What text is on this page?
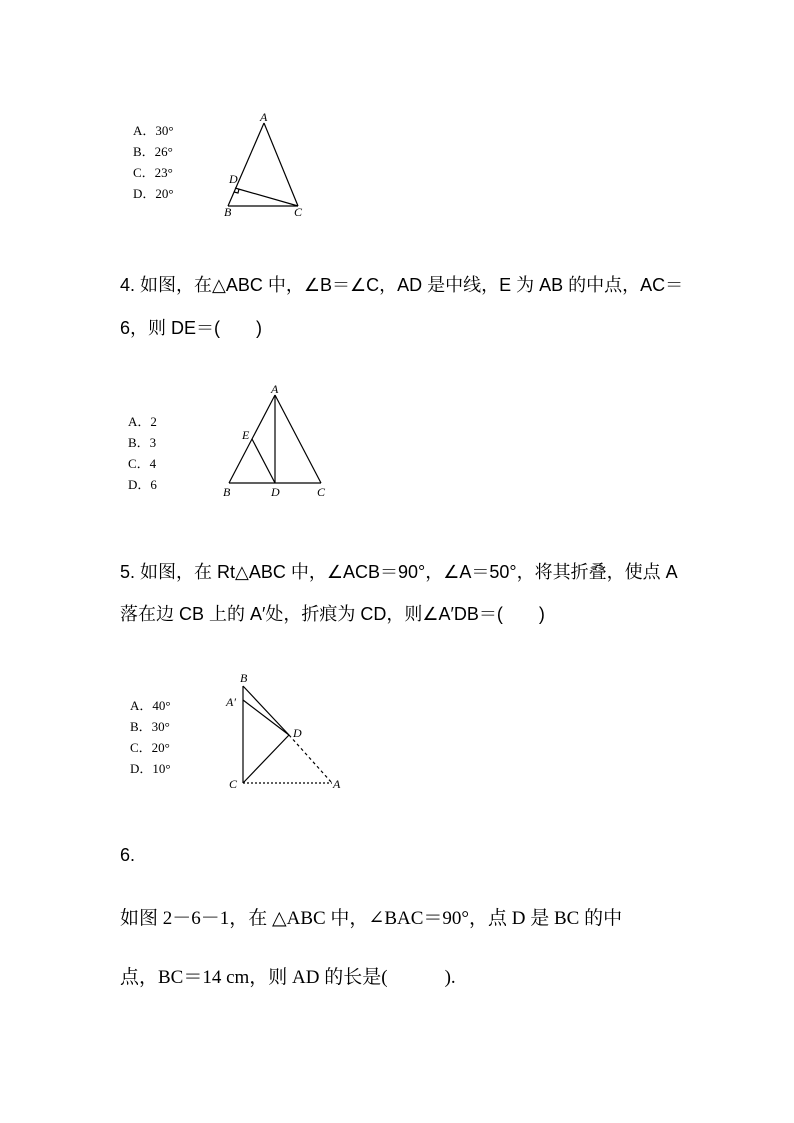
A．30°
B．26°
C．23°
D．20°
A
B	C
D
A
E
B	D	C
B
A′
D
C	A
4. 如图，在△ABC 中，∠B＝∠C，AD 是中线，E 为 AB 的中点，AC＝
6，则 DE＝(　　)
A．2
B．3
C．4
D．6
5. 如图，在 Rt△ABC 中，∠ACB＝90°，∠A＝50°，将其折叠，使点 A
落在边 CB 上的 A′处，折痕为 CD，则∠A′DB＝(　　)
A．40°
B．30°
C．20°
D．10°
6.
如图 2－6－1，在 △ABC 中，∠BAC＝90°，点 D 是 BC 的中
点，BC＝14 cm，则 AD 的长是(　　　).
